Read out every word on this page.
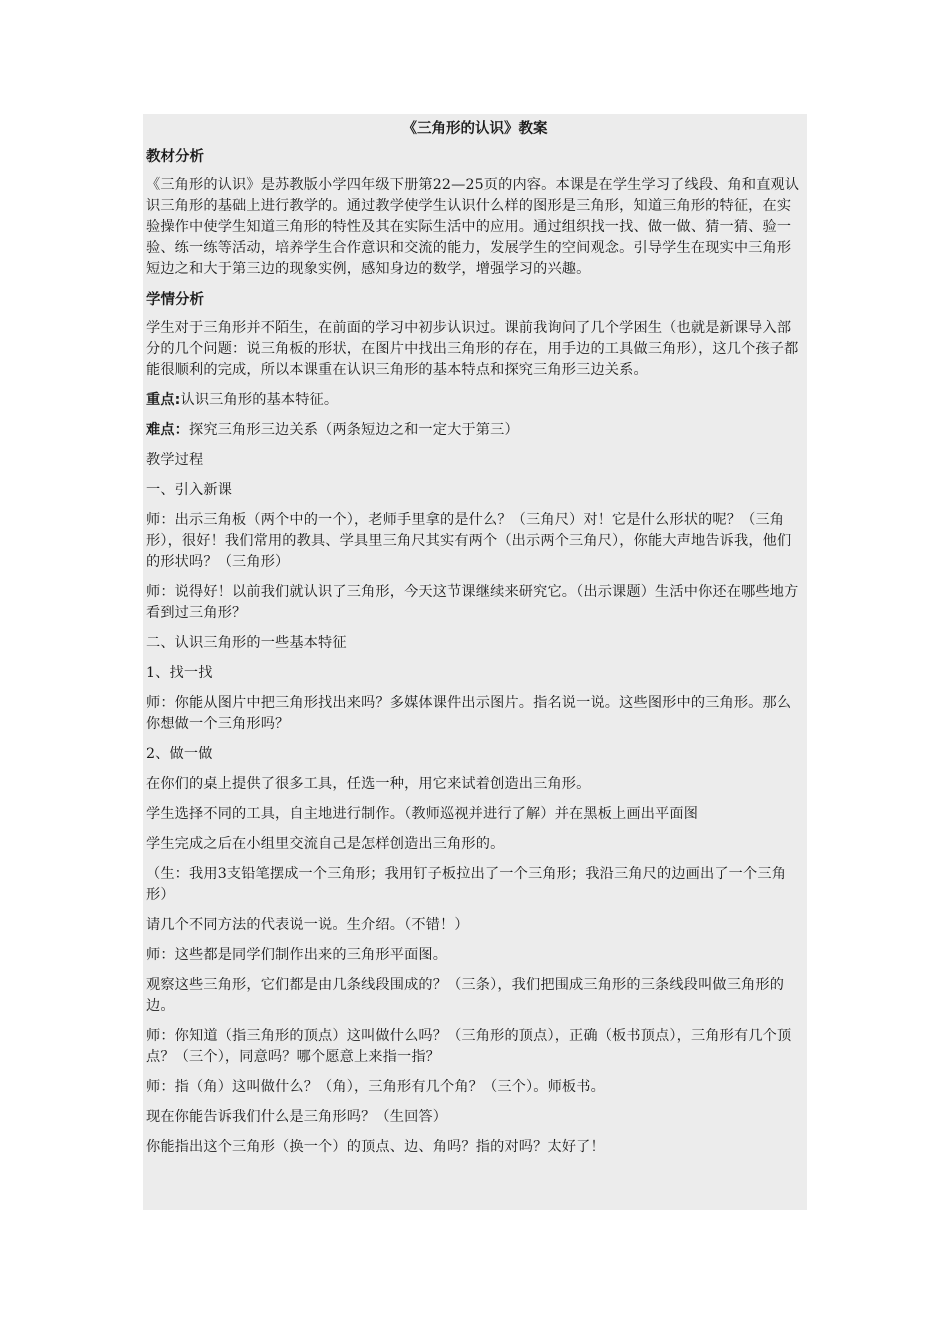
《三角形的认识》教案
教材分析
《三角形的认识》是苏教版小学四年级下册第22—25页的内容。本课是在学生学习了线段、角和直观认识三角形的基础上进行教学的。通过教学使学生认识什么样的图形是三角形，知道三角形的特征，在实验操作中使学生知道三角形的特性及其在实际生活中的应用。通过组织找一找、做一做、猜一猜、验一验、练一练等活动，培养学生合作意识和交流的能力，发展学生的空间观念。引导学生在现实中三角形短边之和大于第三边的现象实例，感知身边的数学，增强学习的兴趣。
学情分析
学生对于三角形并不陌生，在前面的学习中初步认识过。课前我询问了几个学困生（也就是新课导入部分的几个问题：说三角板的形状，在图片中找出三角形的存在，用手边的工具做三角形），这几个孩子都能很顺利的完成，所以本课重在认识三角形的基本特点和探究三角形三边关系。
重点:认识三角形的基本特征。
难点：探究三角形三边关系（两条短边之和一定大于第三）
教学过程
一、引入新课
师：出示三角板（两个中的一个），老师手里拿的是什么？（三角尺）对！它是什么形状的呢？（三角形），很好！我们常用的教具、学具里三角尺其实有两个（出示两个三角尺），你能大声地告诉我，他们的形状吗？（三角形）
师：说得好！以前我们就认识了三角形，今天这节课继续来研究它。（出示课题）生活中你还在哪些地方看到过三角形？
二、认识三角形的一些基本特征
1、找一找
师：你能从图片中把三角形找出来吗？多媒体课件出示图片。指名说一说。这些图形中的三角形。那么你想做一个三角形吗？
2、做一做
在你们的桌上提供了很多工具，任选一种，用它来试着创造出三角形。
学生选择不同的工具，自主地进行制作。（教师巡视并进行了解）并在黑板上画出平面图
学生完成之后在小组里交流自己是怎样创造出三角形的。
（生：我用3支铅笔摆成一个三角形；我用钉子板拉出了一个三角形；我沿三角尺的边画出了一个三角形）
请几个不同方法的代表说一说。生介绍。（不错！）
师：这些都是同学们制作出来的三角形平面图。
观察这些三角形，它们都是由几条线段围成的？（三条），我们把围成三角形的三条线段叫做三角形的边。
师：你知道（指三角形的顶点）这叫做什么吗？（三角形的顶点），正确（板书顶点），三角形有几个顶点？（三个），同意吗？哪个愿意上来指一指？
师：指（角）这叫做什么？（角），三角形有几个角？（三个）。师板书。
现在你能告诉我们什么是三角形吗？（生回答）
你能指出这个三角形（换一个）的顶点、边、角吗？指的对吗？太好了！
